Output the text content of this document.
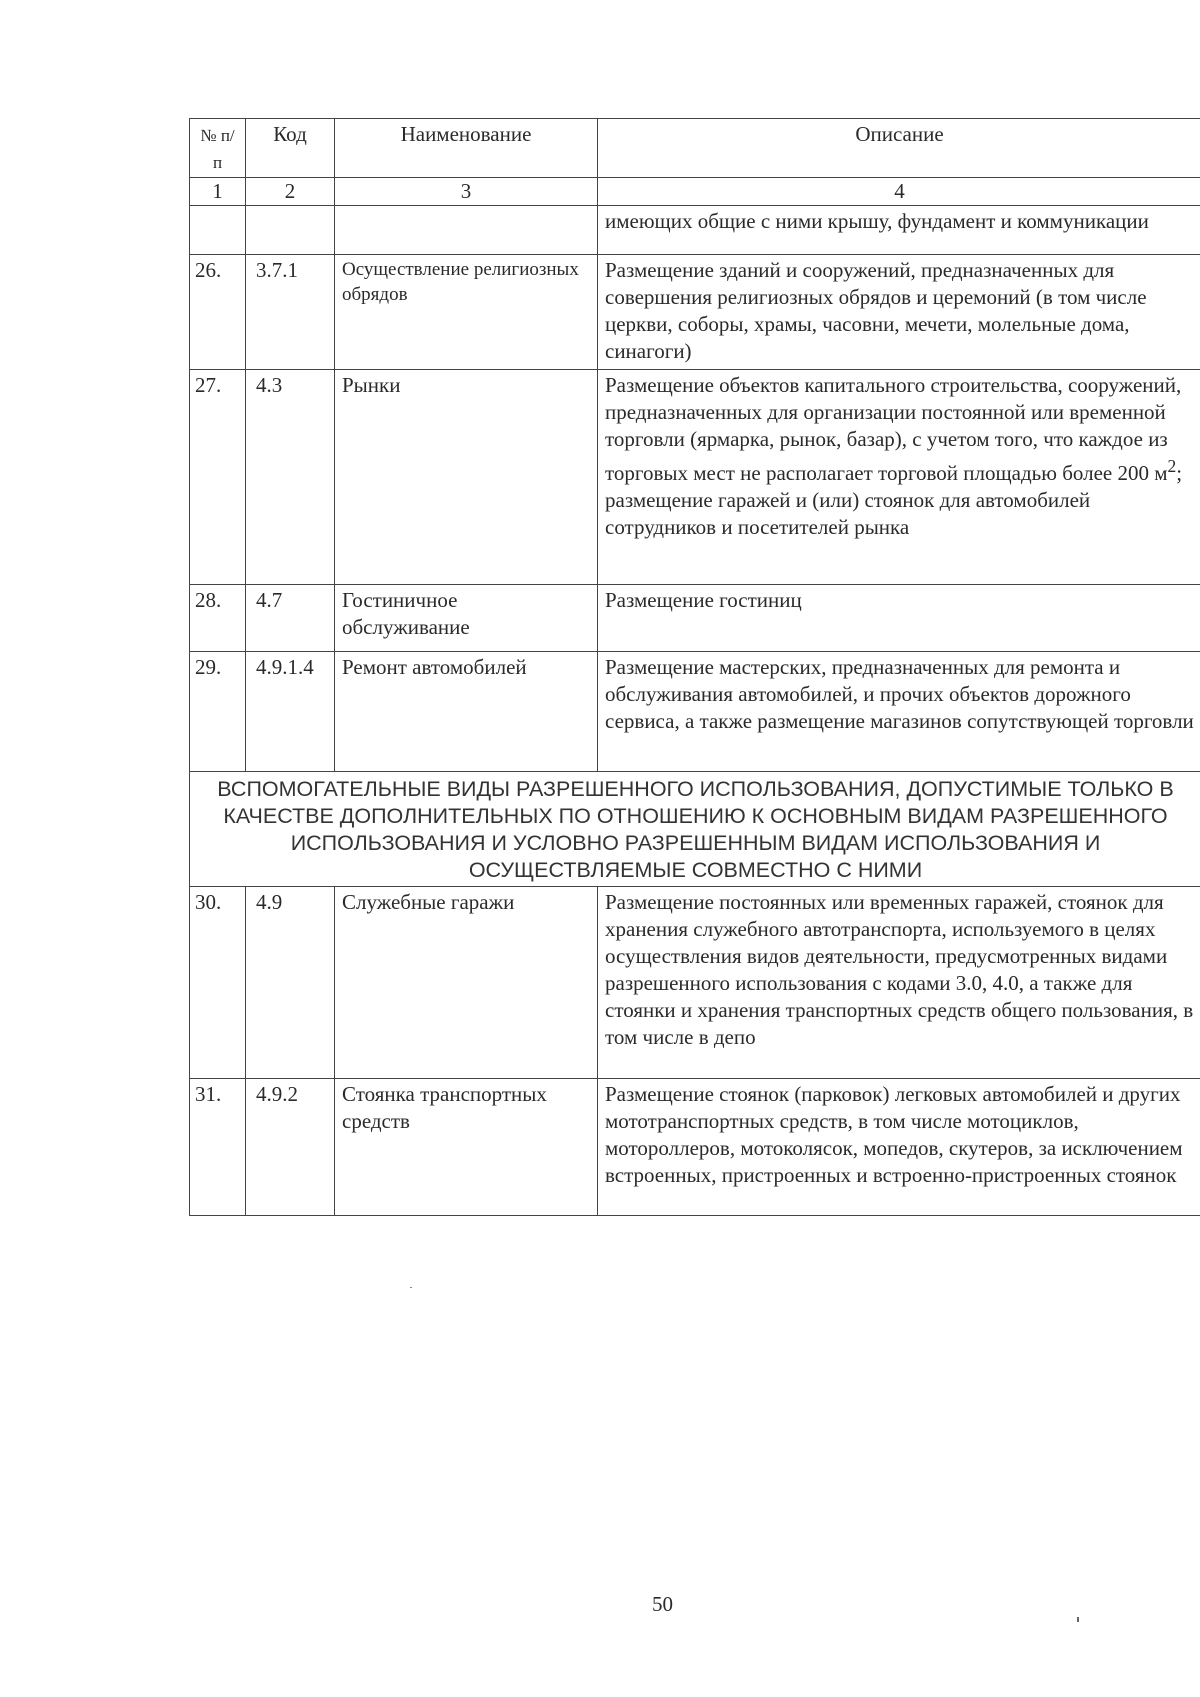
№ п/п	Код	Наименование	Описание
1	2	3	4
			имеющих общие с ними крышу, фундамент и коммуникации
26.	3.7.1	Осуществление религиозных обрядов	Размещение зданий и сооружений, предназначенных для совершения религиозных обрядов и церемоний (в том числе церкви, соборы, храмы, часовни, мечети, молельные дома, синагоги)
27.	4.3	Рынки	Размещение объектов капитального строительства, сооружений, предназначенных для организации постоянной или временной торговли (ярмарка, рынок, базар), с учетом того, что каждое из торговых мест не располагает торговой площадью более 200 $м^2$; размещение гаражей и (или) стоянок для автомобилей сотрудников и посетителей рынка
28.	4.7	Гостиничное обслуживание	Размещение гостиниц
29.	4.9.1.4	Ремонт автомобилей	Размещение мастерских, предназначенных для ремонта и обслуживания автомобилей, и прочих объектов дорожного сервиса, а также размещение магазинов сопутствующей торговли
ВСПОМОГАТЕЛЬНЫЕ ВИДЫ РАЗРЕШЕННОГО ИСПОЛЬЗОВАНИЯ, ДОПУСТИМЫЕ ТОЛЬКО В КАЧЕСТВЕ ДОПОЛНИТЕЛЬНЫХ ПО ОТНОШЕНИЮ К ОСНОВНЫМ ВИДАМ РАЗРЕШЕННОГО ИСПОЛЬЗОВАНИЯ И УСЛОВНО РАЗРЕШЕННЫМ ВИДАМ ИСПОЛЬЗОВАНИЯ И ОСУЩЕСТВЛЯЕМЫЕ СОВМЕСТНО С НИМИ			
30.	4.9	Служебные гаражи	Размещение постоянных или временных гаражей, стоянок для хранения служебного автотранспорта, используемого в целях осуществления видов деятельности, предусмотренных видами разрешенного использования с кодами 3.0, 4.0, а также для стоянки и хранения транспортных средств общего пользования, в том числе в депо
31.	4.9.2	Стоянка транспортных средств	Размещение стоянок (парковок) легковых автомобилей и других мототранспортных средств, в том числе мотоциклов, мотороллеров, мотоколясок, мопедов, скутеров, за исключением встроенных, пристроенных и встроенно-пристроенных стоянок
50
